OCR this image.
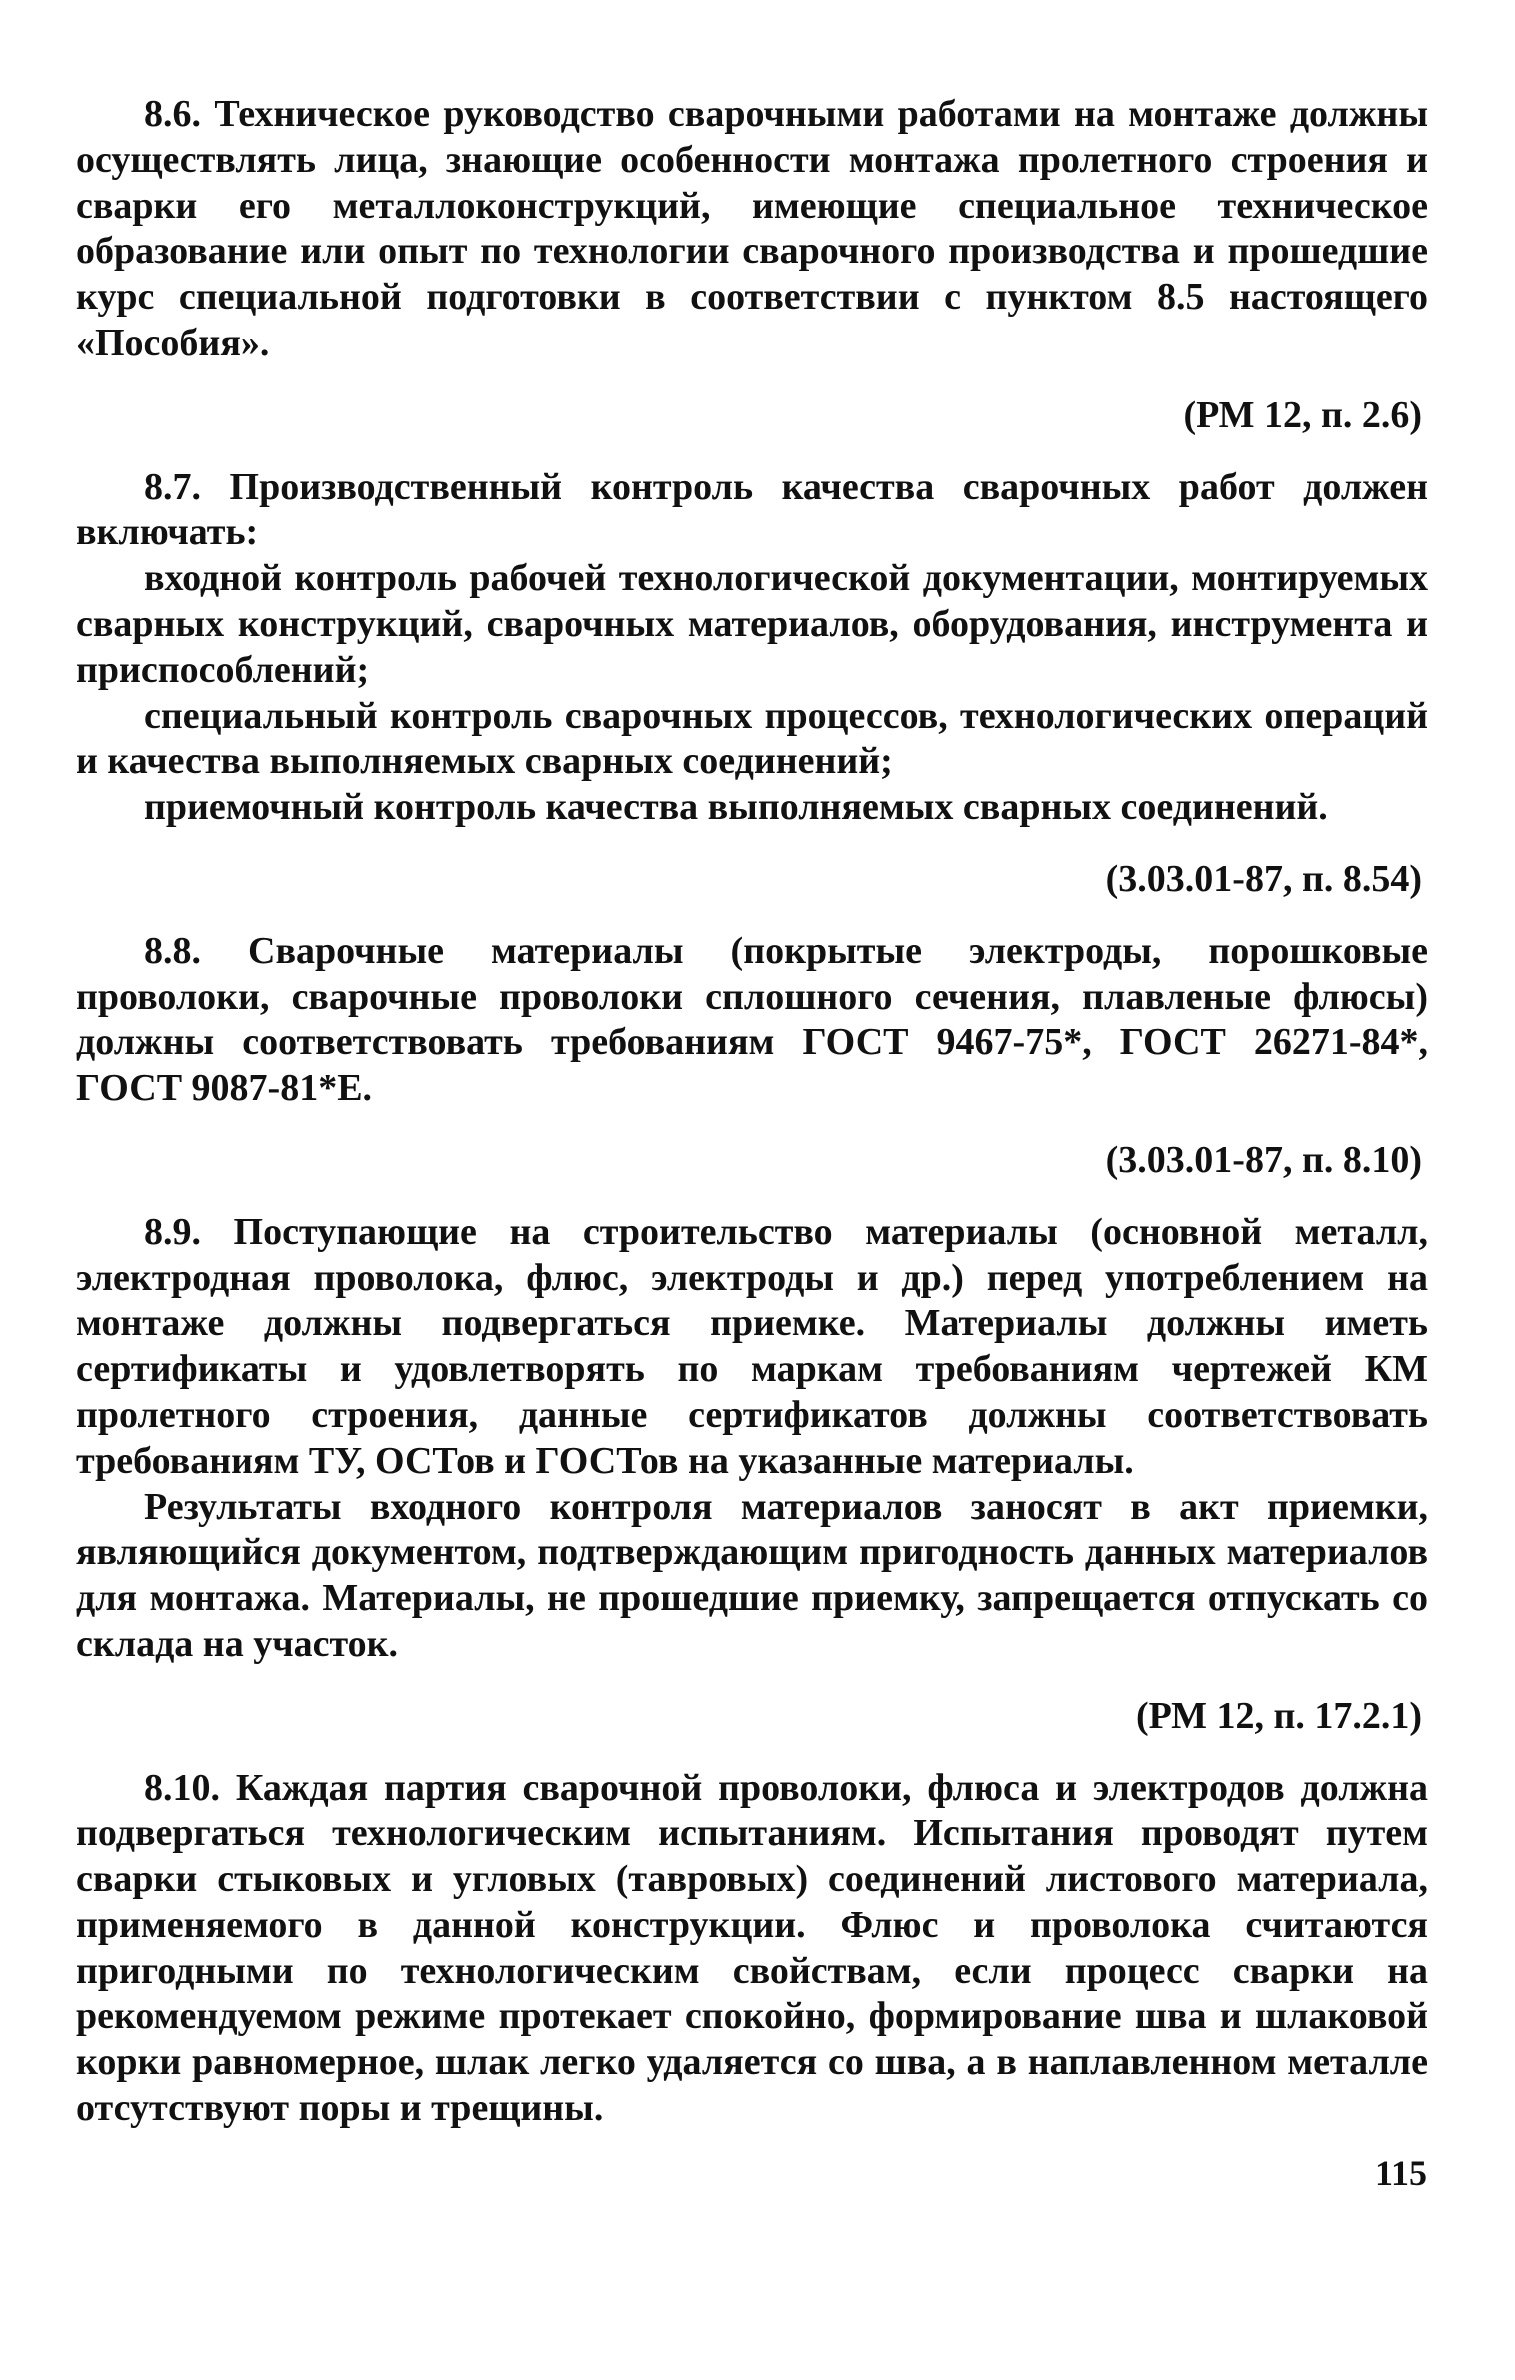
8.6. Техническое руководство сварочными работами на монтаже должны осуществлять лица, знающие особенности монтажа пролетного строения и сварки его металлоконструкций, имеющие специальное техническое образование или опыт по технологии сварочного производства и прошедшие курс специальной подготовки в соответствии с пунктом 8.5 настоящего «Пособия».

(РМ 12, п. 2.6)

8.7. Производственный контроль качества сварочных работ должен включать:

входной контроль рабочей технологической документации, монтируемых сварных конструкций, сварочных материалов, оборудования, инструмента и приспособлений;

специальный контроль сварочных процессов, технологических операций и качества выполняемых сварных соединений;

приемочный контроль качества выполняемых сварных соединений.

(3.03.01-87, п. 8.54)

8.8. Сварочные материалы (покрытые электроды, порошковые проволоки, сварочные проволоки сплошного сечения, плавленые флюсы) должны соответствовать требованиям ГОСТ 9467-75*, ГОСТ 26271-84*, ГОСТ 9087-81*Е.

(3.03.01-87, п. 8.10)

8.9. Поступающие на строительство материалы (основной металл, электродная проволока, флюс, электроды и др.) перед употреблением на монтаже должны подвергаться приемке. Материалы должны иметь сертификаты и удовлетворять по маркам требованиям чертежей КМ пролетного строения, данные сертификатов должны соответствовать требованиям ТУ, ОСТов и ГОСТов на указанные материалы.

Результаты входного контроля материалов заносят в акт приемки, являющийся документом, подтверждающим пригодность данных материалов для монтажа. Материалы, не прошедшие приемку, запрещается отпускать со склада на участок.

(РМ 12, п. 17.2.1)

8.10. Каждая партия сварочной проволоки, флюса и электродов должна подвергаться технологическим испытаниям. Испытания проводят путем сварки стыковых и угловых (тавровых) соединений листового материала, применяемого в данной конструкции. Флюс и проволока считаются пригодными по технологическим свойствам, если процесс сварки на рекомендуемом режиме протекает спокойно, формирование шва и шлаковой корки равномерное, шлак легко удаляется со шва, а в наплавленном металле отсутствуют поры и трещины.

115
